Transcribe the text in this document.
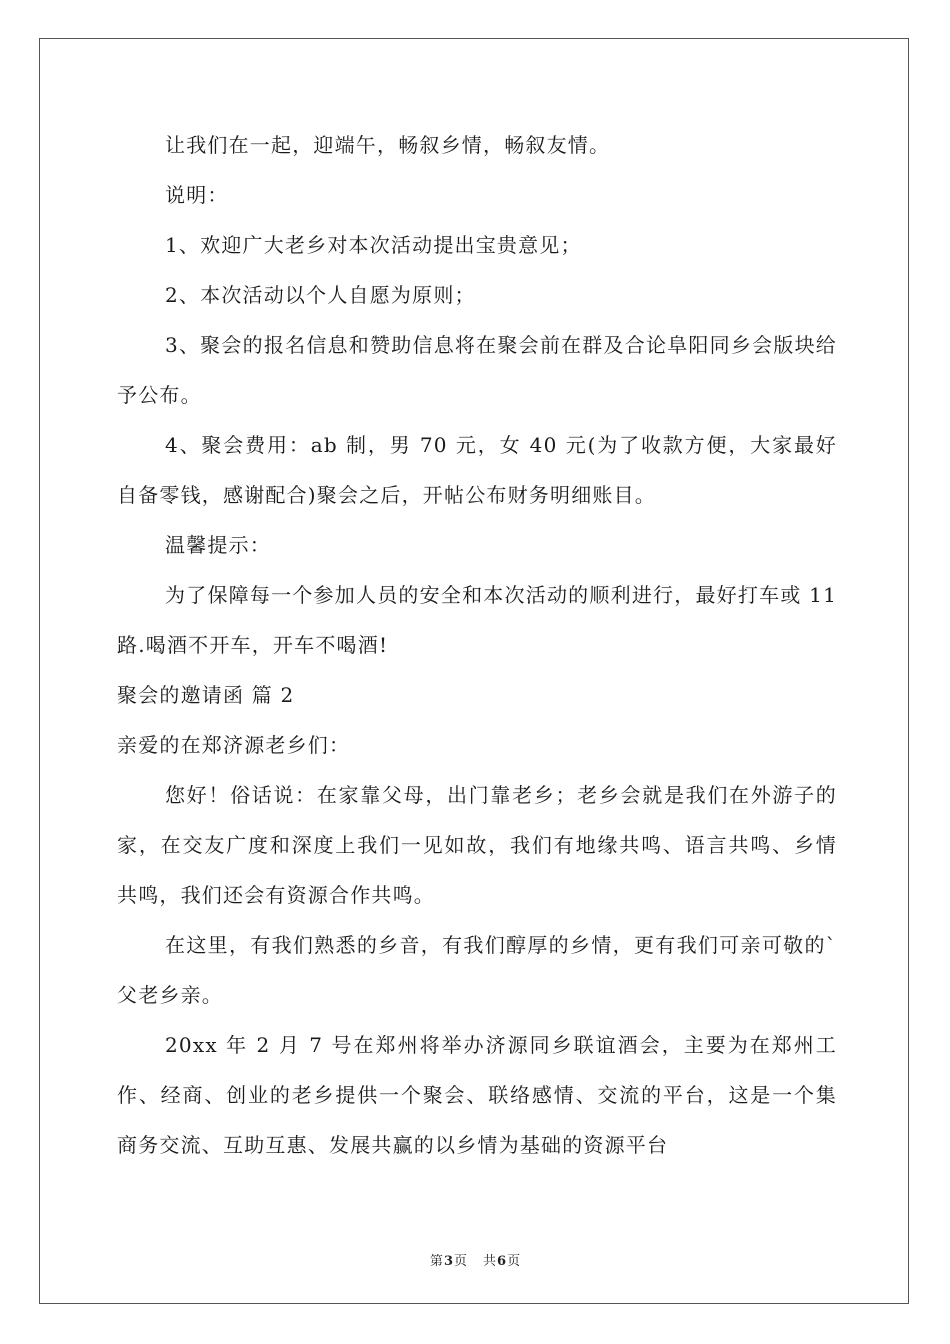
让我们在一起，迎端午，畅叙乡情，畅叙友情。

说明：

1、欢迎广大老乡对本次活动提出宝贵意见；

2、本次活动以个人自愿为原则；

3、聚会的报名信息和赞助信息将在聚会前在群及合论阜阳同乡会版块给予公布。

4、聚会费用：ab 制，男 70 元，女 40 元(为了收款方便，大家最好自备零钱，感谢配合)聚会之后，开帖公布财务明细账目。

温馨提示：

为了保障每一个参加人员的安全和本次活动的顺利进行，最好打车或 11 路.喝酒不开车，开车不喝酒!

聚会的邀请函 篇 2

亲爱的在郑济源老乡们：

您好！俗话说：在家靠父母，出门靠老乡；老乡会就是我们在外游子的家，在交友广度和深度上我们一见如故，我们有地缘共鸣、语言共鸣、乡情共鸣，我们还会有资源合作共鸣。

在这里，有我们熟悉的乡音，有我们醇厚的乡情，更有我们可亲可敬的`父老乡亲。

20xx 年 2 月 7 号在郑州将举办济源同乡联谊酒会，主要为在郑州工作、经商、创业的老乡提供一个聚会、联络感情、交流的平台，这是一个集商务交流、互助互惠、发展共赢的以乡情为基础的资源平台

第3页 共6页
